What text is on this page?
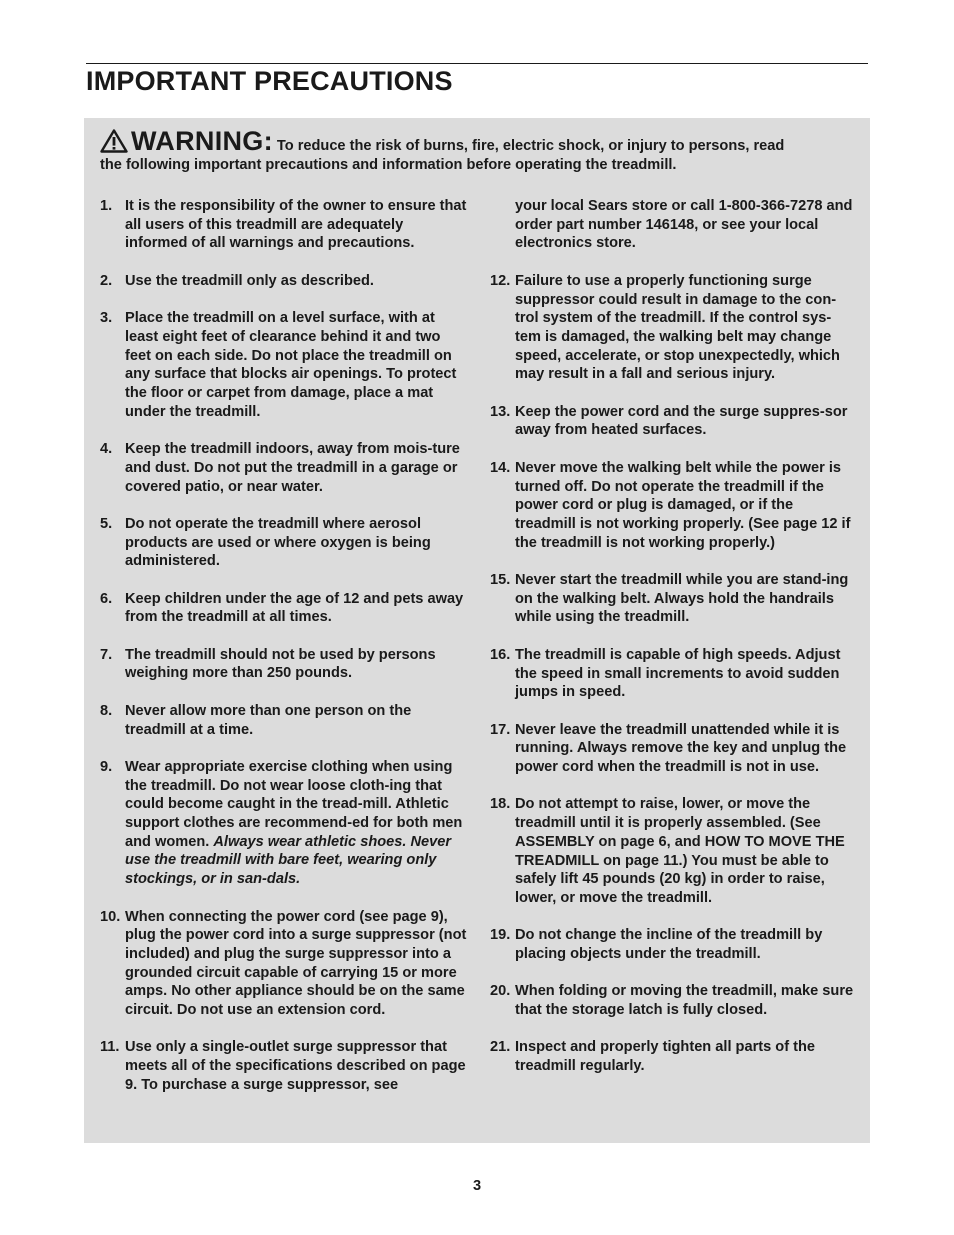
IMPORTANT PRECAUTIONS
WARNING: To reduce the risk of burns, fire, electric shock, or injury to persons, read
the following important precautions and information before operating the treadmill.
1. It is the responsibility of the owner to ensure that all users of this treadmill are adequately informed of all warnings and precautions.
2. Use the treadmill only as described.
3. Place the treadmill on a level surface, with at least eight feet of clearance behind it and two feet on each side. Do not place the treadmill on any surface that blocks air openings. To protect the floor or carpet from damage, place a mat under the treadmill.
4. Keep the treadmill indoors, away from mois-ture and dust. Do not put the treadmill in a garage or covered patio, or near water.
5. Do not operate the treadmill where aerosol products are used or where oxygen is being administered.
6. Keep children under the age of 12 and pets away from the treadmill at all times.
7. The treadmill should not be used by persons weighing more than 250 pounds.
8. Never allow more than one person on the treadmill at a time.
9. Wear appropriate exercise clothing when using the treadmill. Do not wear loose cloth-ing that could become caught in the tread-mill. Athletic support clothes are recommend-ed for both men and women. Always wear athletic shoes. Never use the treadmill with bare feet, wearing only stockings, or in san-dals.
10. When connecting the power cord (see page 9), plug the power cord into a surge suppressor (not included) and plug the surge suppressor into a grounded circuit capable of carrying 15 or more amps. No other appliance should be on the same circuit. Do not use an extension cord.
11. Use only a single-outlet surge suppressor that meets all of the specifications described on page 9. To purchase a surge suppressor, see
your local Sears store or call 1-800-366-7278 and order part number 146148, or see your local electronics store.
12. Failure to use a properly functioning surge suppressor could result in damage to the con-trol system of the treadmill. If the control sys-tem is damaged, the walking belt may change speed, accelerate, or stop unexpectedly, which may result in a fall and serious injury.
13. Keep the power cord and the surge suppres-sor away from heated surfaces.
14. Never move the walking belt while the power is turned off. Do not operate the treadmill if the power cord or plug is damaged, or if the treadmill is not working properly. (See page 12 if the treadmill is not working properly.)
15. Never start the treadmill while you are stand-ing on the walking belt. Always hold the handrails while using the treadmill.
16. The treadmill is capable of high speeds. Adjust the speed in small increments to avoid sudden jumps in speed.
17. Never leave the treadmill unattended while it is running. Always remove the key and unplug the power cord when the treadmill is not in use.
18. Do not attempt to raise, lower, or move the treadmill until it is properly assembled. (See ASSEMBLY on page 6, and HOW TO MOVE THE TREADMILL on page 11.) You must be able to safely lift 45 pounds (20 kg) in order to raise, lower, or move the treadmill.
19. Do not change the incline of the treadmill by placing objects under the treadmill.
20. When folding or moving the treadmill, make sure that the storage latch is fully closed.
21. Inspect and properly tighten all parts of the treadmill regularly.
3
